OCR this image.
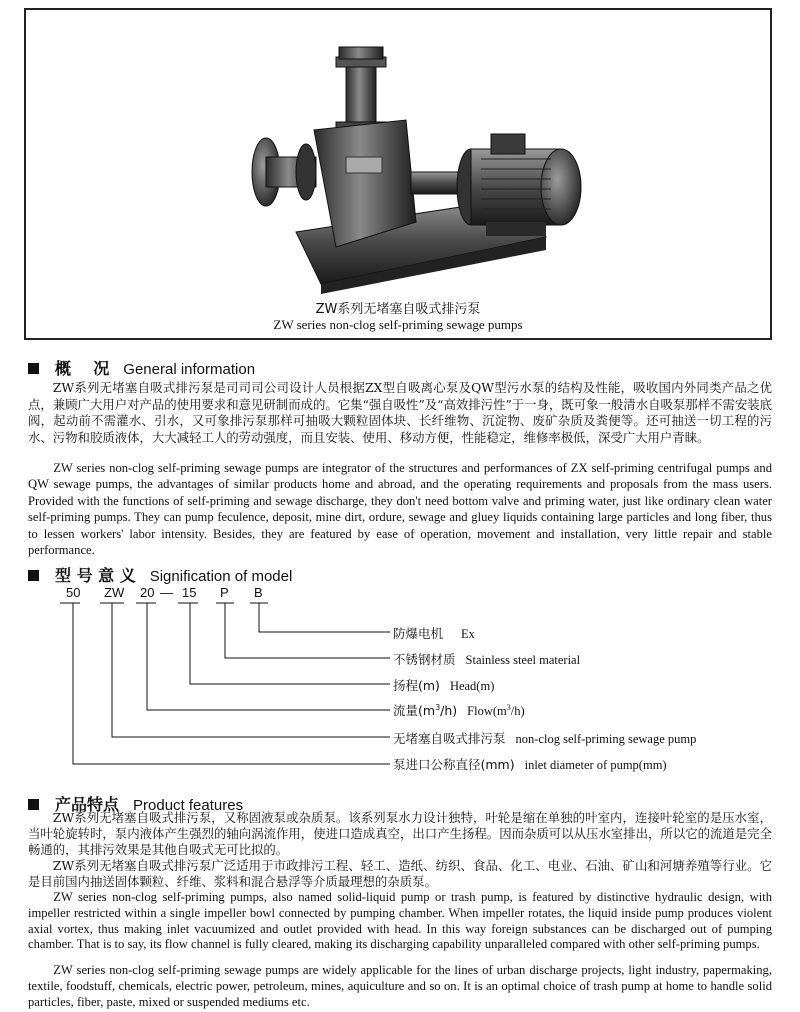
ZW系列无堵塞自吸式排污泵
ZW series non-clog self-priming sewage pumps
概    况 General information

ZW系列无堵塞自吸式排污泵是司司司公司设计人员根据ZX型自吸离心泵及QW型污水泵的结构及性能，吸收国内外同类产品之优点，兼顾广大用户对产品的使用要求和意见研制而成的。它集“强自吸性”及“高效排污性”于一身，既可象一般清水自吸泵那样不需安装底阀，起动前不需灌水、引水，又可象排污泵那样可抽吸大颗粒固体块、长纤维物、沉淀物、废矿杂质及粪便等。还可抽送一切工程的污水、污物和胶质液体，大大减轻工人的劳动强度，而且安装、使用、移动方便，性能稳定，维修率极低，深受广大用户青睐。

ZW series non-clog self-priming sewage pumps are integrator of the structures and performances of ZX self-priming centrifugal pumps and QW sewage pumps, the advantages of similar products home and abroad, and the operating requirements and proposals from the mass users. Provided with the functions of self-priming and sewage discharge, they don't need bottom valve and priming water, just like ordinary clean water self-priming pumps. They can pump feculence, deposit, mine dirt, ordure, sewage and gluey liquids containing large particles and long fiber, thus to lessen workers' labor intensity. Besides, they are featured by ease of operation, movement and installation, very little repair and stable performance.

型 号 意 义 Signification of model
50 ZW 20 — 15 P B
防爆电机 Ex
不锈钢材质 Stainless steel material
扬程(m) Head(m)
流量$(m^3/h)$ $Flow(m^3/h)$
无堵塞自吸式排污泵 non-clog self-priming sewage pump
泵进口公称直径(mm) inlet diameter of pump(mm)
产品特点 Product features

ZW系列无堵塞自吸式排污泵，又称固液泵或杂质泵。该系列泵水力设计独特，叶轮是缩在单独的叶室内，连接叶轮室的是压水室，当叶轮旋转时，泵内液体产生强烈的轴向涡流作用，使进口造成真空，出口产生扬程。因而杂质可以从压水室排出，所以它的流道是完全畅通的，其排污效果是其他自吸式无可比拟的。

ZW系列无堵塞自吸式排污泵广泛适用于市政排污工程、轻工、造纸、纺织、食品、化工、电业、石油、矿山和河塘养殖等行业。它是目前国内抽送固体颗粒、纤维、浆料和混合悬浮等介质最理想的杂质泵。

ZW series non-clog self-priming pumps, also named solid-liquid pump or trash pump, is featured by distinctive hydraulic design, with impeller restricted within a single impeller bowl connected by pumping chamber. When impeller rotates, the liquid inside pump produces violent axial vortex, thus making inlet vacuumized and outlet provided with head. In this way foreign substances can be discharged out of pumping chamber. That is to say, its flow channel is fully cleared, making its discharging capability unparalleled compared with other self-priming pumps.

ZW series non-clog self-priming sewage pumps are widely applicable for the lines of urban discharge projects, light industry, papermaking, textile, foodstuff, chemicals, electric power, petroleum, mines, aquiculture and so on. It is an optimal choice of trash pump at home to handle solid particles, fiber, paste, mixed or suspended mediums etc.
